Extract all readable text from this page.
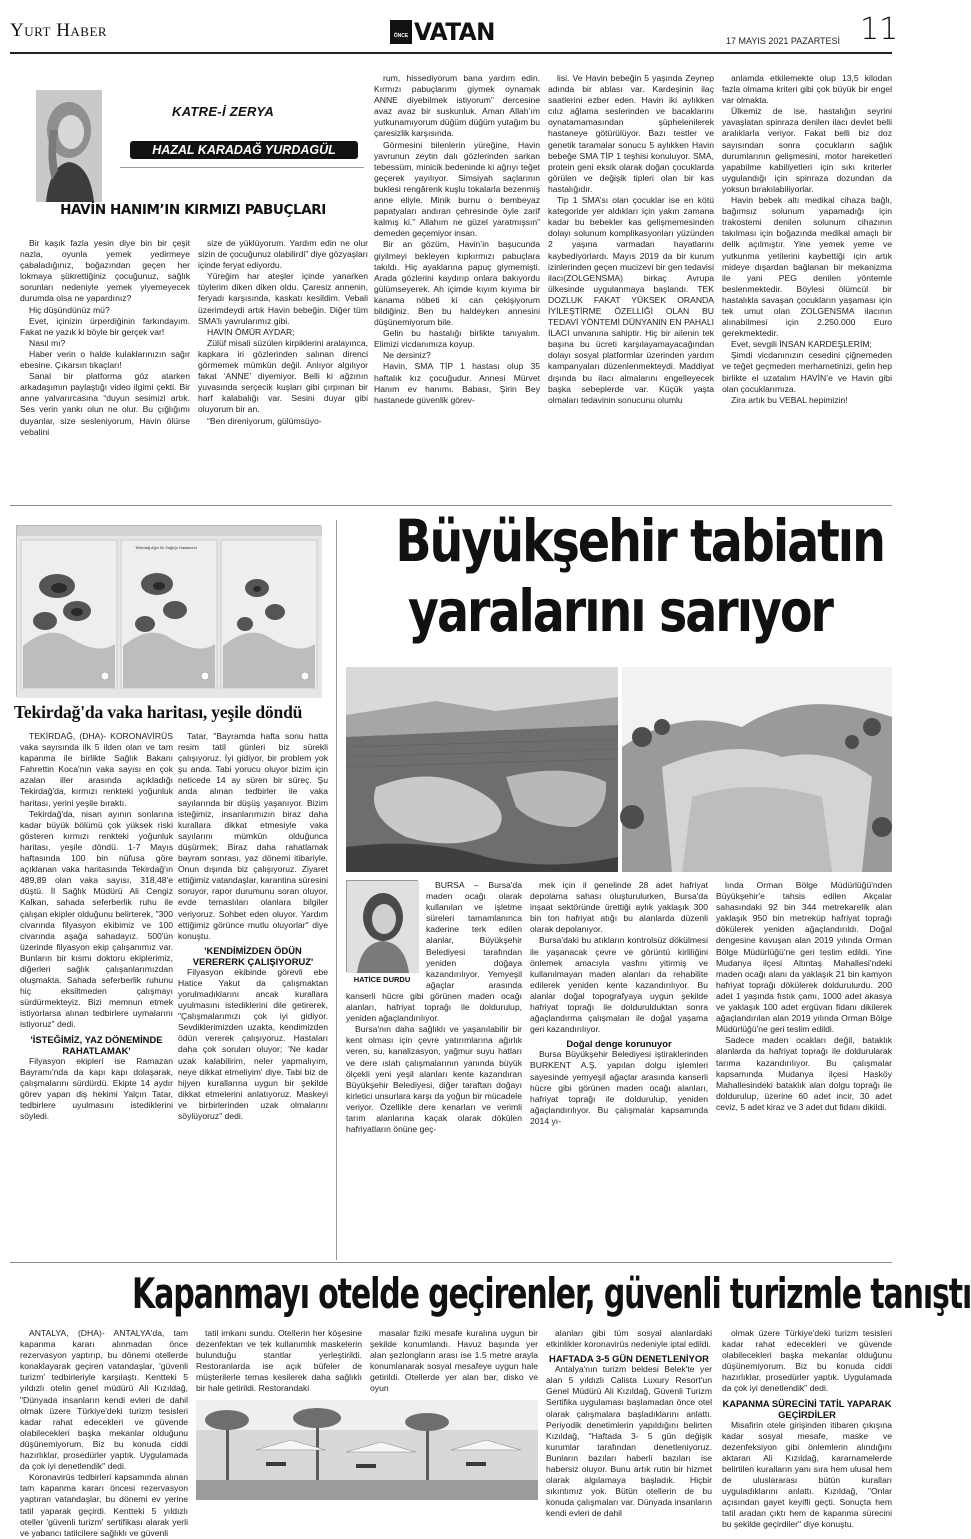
Yurt Haber	ÖNCE VATAN	17 MAYIS 2021 PAZARTESİ 11
KATRE-İ ZERYA
HAZAL KARADAĞ YURDAGÜL
HAVİN HANIM’IN KIRMIZI PABUÇLARI

Bir kaşık fazla yesin diye bin bir çeşit nazla, oyunla yemek yedirmeye çabaladığınız, boğazından geçen her lokmaya şükrettiğiniz çocuğunuz, sağlık sorunları nedeniyle yemek yiyemeyecek durumda olsa ne yapardınız?

Hiç düşündünüz mü?

Evet, içinizin ürperdiğinin farkındayım. Fakat ne yazık ki böyle bir gerçek var!

Nasıl mı?

Haber verin o halde kulaklarınızın sağır ebesine. Çıkarsın tıkaçları!

Sanal bir platforma göz atarken arkadaşımın paylaştığı video ilgimi çekti. Bir anne yalvarırcasına “duyun sesimizi artık. Ses verin yankı olun ne olur. Bu çığlığımı duyanlar, size sesleniyorum, Havin ölürse vebalini

size de yüklüyorum. Yardım edin ne olur sizin de çocuğunuz olabilirdi” diye gözyaşları içinde feryat ediyordu.

Yüreğim har ateşler içinde yanarken tüylerim diken diken oldu. Çaresiz annenin, feryadı karşısında, kaskatı kesildim. Vebali üzerimdeydi artık Havin bebeğin. Diğer tüm SMA’lı yavrularımız gibi.

HAVİN ÖMÜR AYDAR;

Zülüf misali süzülen kirpiklerini aralayınca, kapkara iri gözlerinden salınan direnci görmemek mümkün değil. Anlıyor algılıyor fakat ‘ANNE’ diyemiyor. Belli ki ağzının yuvasında serçecik kuşları gibi çırpınan bir harf kalabalığı var. Sesini duyar gibi oluyorum bir an.

“Ben direniyorum, gülümsüyo-

rum, hissediyorum bana yardım edin. Kırmızı pabuçlarımı giymek oynamak ANNE diyebilmek istiyorum” dercesine avaz avaz bir suskunluk. Aman Allah’ım yutkunamıyorum düğüm düğüm yutağım bu çaresizlik karşısında.

Görmesini bilenlerin yüreğine, Havin yavrunun zeytin dalı gözlerinden sarkan tebessüm, minicik bedeninde ki ağrıyı teğet geçerek yayılıyor. Simsiyah saçlarının buklesi rengârenk kuşlu tokalarla bezenmiş anne eliyle. Minik burnu o bembeyaz papatyaları andıran çehresinde öyle zarif kalmış ki.” Allahım ne güzel yaratmışsın” demeden geçemiyor insan.

Bir an gözüm, Havin’in başucunda giyilmeyi bekleyen kıpkırmızı pabuçlara takıldı. Hiç ayaklarına papuç giymemişti. Arada gözlerini kaydırıp onlara bakıyordu gülümseyerek. Ah içimde kıyım kıyıma bir kanama nöbeti ki can çekişiyorum bildiğiniz. Ben bu haldeyken annesini düşünemiyorum bile.

Gelin bu hastalığı birlikte tanıyalım. Elimizi vicdanımıza koyup.

Ne dersiniz?

Havin, SMA TİP 1 hastası olup 35 haftalık kız çocuğudur. Annesi Mürvet Hanım ev hanımı. Babası, Şirin Bey hastanede güvenlik görev-

lisi. Ve Havin bebeğin 5 yaşında Zeynep adında bir ablası var. Kardeşinin ilaç saatlerini ezber eden. Havin iki aylıkken cılız ağlama seslerinden ve bacaklarını oynatamamasından şüphelenilerek hastaneye götürülüyor. Bazı testler ve genetik taramalar sonucu 5 aylıkken Havin bebeğe SMA TİP 1 teşhisi konuluyor. SMA, protein geni eksik olarak doğan çocuklarda görülen ve değişik tipleri olan bir kas hastalığıdır.

Tip 1 SMA’sı olan çocuklar ise en kötü kategoride yer aldıkları için yakın zamana kadar bu bebekler kas gelişmemesinden dolayı solunum komplikasyonları yüzünden 2 yaşına varmadan hayatlarını kaybediyorlardı. Mayıs 2019 da bir kurum izinlerinden geçen mucizevi bir gen tedavisi ilacı(ZOLGENSMA) birkaç Avrupa ülkesinde uygulanmaya başlandı. TEK DOZLUK FAKAT YÜKSEK ORANDA İYİLEŞTİRME ÖZELLİĞİ OLAN BU TEDAVİ YÖNTEMİ DÜNYANIN EN PAHALI İLACI unvanına sahiptir. Hiç bir ailenin tek başına bu ücreti karşılayamayacağından dolayı sosyal platformlar üzerinden yardım kampanyaları düzenlenmekteydi. Maddiyat dışında bu ilacı almalarını engelleyecek başka sebeplerde var. Küçük yaşta olmaları tedavinin sonucunu olumlu

anlamda etkilemekte olup 13,5 kilodan fazla olmama kriteri gibi çok büyük bir engel var olmakta.

Ülkemiz de ise, hastalığın seyrini yavaşlatan spinraza denilen ilacı devlet belli aralıklarla veriyor. Fakat belli biz doz sayısından sonra çocukların sağlık durumlarının gelişmesini, motor hareketleri yapabilme kabiliyetleri için sıkı kriterler uygulandığı için spinraza dozundan da yoksun bırakılabiliyorlar.

Havin bebek altı medikal cihaza bağlı, bağımsız solunum yapamadığı için trakostemi denilen solunum cihazının takılması için boğazında medikal amaçlı bir delik açılmıştır. Yine yemek yeme ve yutkunma yetilerini kaybettiği için artık mideye dışardan bağlanan bir mekanizma ile yani PEG denilen yöntemle beslenmektedir. Böylesi ölümcül bir hastalıkla savaşan çocukların yaşaması için tek umut olan ZOLGENSMA ilacının alınabilmesi için 2.250.000 Euro gerekmektedir.

Evet, sevgili İNSAN KARDEŞLERİM;

Şimdi vicdanınızın cesedini çiğnemeden ve teğet geçmeden merhametinizi, gelin hep birlikte el uzatalım HAVİN’e ve Havin gibi olan çocuklarımıza.

Zira artık bu VEBAL hepimizin!

Tekirdağ Ağız İlk Sağlığı Hastanesi
Tekirdağ'da vaka haritası, yeşile döndü

TEKİRDAĞ, (DHA)- KORONAVİRÜS vaka sayısında ilk 5 ilden olan ve tam kapanma ile birlikte Sağlık Bakanı Fahrettin Koca'nın vaka sayısı en çok azalan iller arasında açıkladığı Tekirdağ'da, kırmızı renkteki yoğunluk haritası, yerini yeşile bıraktı.

Tekirdağ'da, nisan ayının sonlarına kadar büyük bölümü çok yüksek riski gösteren kırmızı renkteki yoğunluk haritası, yeşile döndü. 1-7 Mayıs haftasında 100 bin nüfusa göre açıklanan vaka haritasında Tekirdağ'ın 489,89 olan vaka sayısı, 318,48'e düştü. İl Sağlık Müdürü Ali Cengiz Kalkan, sahada seferberlik ruhu ile çalışan ekipler olduğunu belirterek, "300 civarında filyasyon ekibimiz ve 100 civarında aşağa sahadayız. 500'ün üzerinde filyasyon ekip çalışanımız var. Bunların bir kısmı doktoru ekiplerimiz, diğerleri sağlık çalışanlarımızdan oluşmakta. Sahada seferberlik ruhunu hiç eksiltmeden çalışmayı sürdürmekteyiz. Bizi memnun etmek istiyorlarsa alınan tedbirlere uymalarını istiyoruz" dedi.

'İSTEĞİMİZ, YAZ DÖNEMİNDE RAHATLAMAK'

Filyasyon ekipleri ise Ramazan Bayramı'nda da kapı kapı dolaşarak, çalışmalarını sürdürdü. Ekipte 14 aydır görev yapan diş hekimi Yalçın Tatar, tedbirlere uyulmasını istediklerini söyledi.

Tatar, "Bayramda hafta sonu hatta resim tatil günleri biz sürekli çalışıyoruz. İyi gidiyor, bir problem yok şu anda. Tabi yorucu oluyor bizim için neticede 14 ay süren bir süreç. Şu anda alınan tedbirler ile vaka sayılarında bir düşüş yaşanıyor. Bizim isteğimiz, insanlarımızın biraz daha kurallara dikkat etmesiyle vaka sayılarını mümkün olduğunca düşürmek; Biraz daha rahatlamak bayram sonrası, yaz dönemi itibariyle. Onun dışında biz çalışıyoruz. Ziyaret ettiğimiz vatandaşlar, karantina süresini soruyor, rapor durumunu soran oluyor, evde temaslıları olanlara bilgiler veriyoruz. Sohbet eden oluyor. Yardım ettiğimiz görünce mutlu oluyorlar" diye konuştu.

'KENDİMİZDEN ÖDÜN VERERERK ÇALIŞIYORUZ'

Filyasyon ekibinde görevli ebe Hatice Yakut da çalışmaktan yorulmadıklarını ancak kurallara uyulmasını istediklerini dile getirerek, "Çalışmalarımızı çok iyi gidiyor. Sevdiklerimizden uzakta, kendimizden ödün vererek çalışıyoruz. Hastaları daha çok soruları oluyor; 'Ne kadar uzak kalabilirim, neler yapmalıyım, neye dikkat etmeliyim' diye. Tabi biz de hijyen kurallarına uygun bir şekilde dikkat etmelerini anlatıyoruz. Maskeyi ve birbirlerinden uzak olmalarını söylüyoruz" dedi.

Büyükşehir tabiatın
yaralarını sarıyor
HATİCE DURDU

BURSA – Bursa'da maden ocağı olarak kullanılan ve işletme süreleri tamamlanınca kaderine terk edilen alanlar, Büyükşehir Belediyesi tarafından yeniden doğaya kazandırılıyor. Yemyeşil ağaçlar arasında kanserli hücre gibi görünen maden ocağı alanları, hafriyat toprağı ile doldurulup, yeniden ağaçlandırılıyor.

Bursa'nın daha sağlıklı ve yaşanılabilir bir kent olması için çevre yatırımlarına ağırlık veren, su, kanalizasyon, yağmur suyu hatları ve dere ıslah çalışmalarının yanında büyük ölçekli yeni yeşil alanları kente kazandıran Büyükşehir Belediyesi, diğer taraftan doğayı kirletici unsurlara karşı da yoğun bir mücadele veriyor. Özellikle dere kenarları ve verimli tarım alanlarına kaçak olarak dökülen hafriyatların önüne geç-

mek için il genelinde 28 adet hafriyat depolama sahası oluşturulurken, Bursa'da inşaat sektöründe ürettiği aylık yaklaşık 300 bin ton hafriyat atığı bu alanlarda düzenli olarak depolanıyor.

Bursa'daki bu atıkların kontrolsüz dökülmesi ile yaşanacak çevre ve görüntü kirliliğini önlemek amacıyla vasfını yitirmiş ve kullanılmayan maden alanları da rehabilite edilerek yeniden kente kazandırılıyor. Bu alanlar doğal topografyaya uygun şekilde hafriyat toprağı ile doldurulduktan sonra ağaçlandırma çalışmaları ile doğal yaşama geri kazandırılıyor.

Doğal denge korunuyor

Bursa Büyükşehir Belediyesi iştiraklerinden BURKENT A.Ş. yapılan dolgu işlemleri sayesinde yemyeşil ağaçlar arasında kanserli hücre gibi görünen maden ocağı alanları, hafriyat toprağı ile doldurulup, yeniden ağaçlandırılıyor. Bu çalışmalar kapsamında 2014 yı-

lında Orman Bölge Müdürlüğü'nden Büyükşehir'e tahsis edilen Akçalar sahasındaki 92 bin 344 metrekarelik alan yaklaşık 950 bin metreküp hafriyat toprağı dökülerek yeniden ağaçlandırıldı. Doğal dengesine kavuşan alan 2019 yılında Orman Bölge Müdürlüğü'ne geri teslim edildi. Yine Mudanya ilçesi Altıntaş Mahallesi'ndeki maden ocağı alanı da yaklaşık 21 bin kamyon hafriyat toprağı dökülerek doldurulurdu. 200 adet 1 yaşında fıstık çamı, 1000 adet akasya ve yaklaşık 100 adet ergüvan fidanı dikilerek ağaçlandırılan alan 2019 yılında Orman Bölge Müdürlüğü'ne geri teslim edildi.

Sadece maden ocakları değil, bataklık alanlarda da hafriyat toprağı ile doldurularak tarıma kazandırılıyor. Bu çalışmalar kapsamında Mudanya ilçesi Hasköy Mahallesindeki bataklık alan dolgu toprağı ile doldurulup, üzerine 60 adet incir, 30 adet ceviz, 5 adet kiraz ve 3 adet dut fidanı dikildi.

Kapanmayı otelde geçirenler, güvenli turizmle tanıştı

ANTALYA, (DHA)- ANTALYA'da, tam kapanma kararı alınmadan önce rezervasyon yaptırıp, bu dönemi otellerde konaklayarak geçiren vatandaşlar, 'güvenli turizm' tedbirleriyle karşılaştı. Kentteki 5 yıldızlı otelin genel müdürü Ali Kızıldağ, "Dünyada insanların kendi evleri de dahil olmak üzere Türkiye'deki turizm tesisleri kadar rahat edecekleri ve güvende olabilecekleri başka mekanlar olduğunu düşünemiyorum. Biz bu konuda ciddi hazırlıklar, prosedürler yaptık. Uygulamada da çok iyi denetlendik" dedi.

Koronavirüs tedbirleri kapsamında alınan tam kapanma kararı öncesi rezervasyon yaptıran vatandaşlar, bu dönemi ev yerine tatil yaparak geçirdi. Kentteki 5 yıldızlı oteller 'güvenli turizm' sertifikası alarak yerli ve yabancı tatilcilere sağlıklı ve güvenli

tatil imkanı sundu. Otellerin her köşesine dezenfektan ve tek kullanımlık maskelerin bulunduğu stantlar yerleştirildi. Restoranlarda ise açık büfeler de müşterilerle temas kesilerek daha sağlıklı bir hale getirildi. Restorandaki

masalar fiziki mesafe kuralına uygun bir şekilde konumlandı. Havuz başında yer alan şezlongların arası ise 1.5 metre arayla konumlanarak sosyal mesafeye uygun hale getirildi. Otellerde yer alan bar, disko ve oyun

alanları gibi tüm sosyal alanlardaki etkinlikler koronavirüs nedeniyle iptal edildi.

HAFTADA 3-5 GÜN DENETLENİYOR

Antalya'nın turizm beldesi Belek'te yer alan 5 yıldızlı Calista Luxury Resort'un Genel Müdürü Ali Kızıldağ, Güvenli Turizm Sertifika uygulaması başlamadan önce otel olarak çalışmalara başladıklarını anlattı. Periyodik denetimlerin yapıldığını belirten Kızıldağ, "Haftada 3- 5 gün değişik kurumlar tarafından denetleniyoruz. Bunların bazıları haberli bazıları ise habersiz oluyor. Bunu artık rutin bir hizmet olarak algılamaya başladık. Hiçbir sıkıntımız yok. Bütün otellerin de bu konuda çalışmaları var. Dünyada insanların kendi evleri de dahil

olmak üzere Türkiye'deki turizm tesisleri kadar rahat edecekleri ve güvende olabilecekleri başka mekanlar olduğunu düşünemiyorum. Biz bu konuda ciddi hazırlıklar, prosedürler yaptık. Uygulamada da çok iyi denetlendik" dedi.

KAPANMA SÜRECİNİ TATİL YAPARAK GEÇİRDİLER

Misafirin otele girişinden itibaren çıkışına kadar sosyal mesafe, maske ve dezenfeksiyon gibi önlemlerin alındığını aktaran Ali Kızıldağ, kararnamelerde belirtilen kuralların yanı sıra hem ulusal hem de uluslararası bütün kuralları uyguladıklarını anlattı. Kızıldağ, "Onlar açısından gayet keyifli geçti. Sonuçta hem tatil aradan çıktı hem de kapanma sürecini bu şekilde geçirdiler" diye konuştu.
